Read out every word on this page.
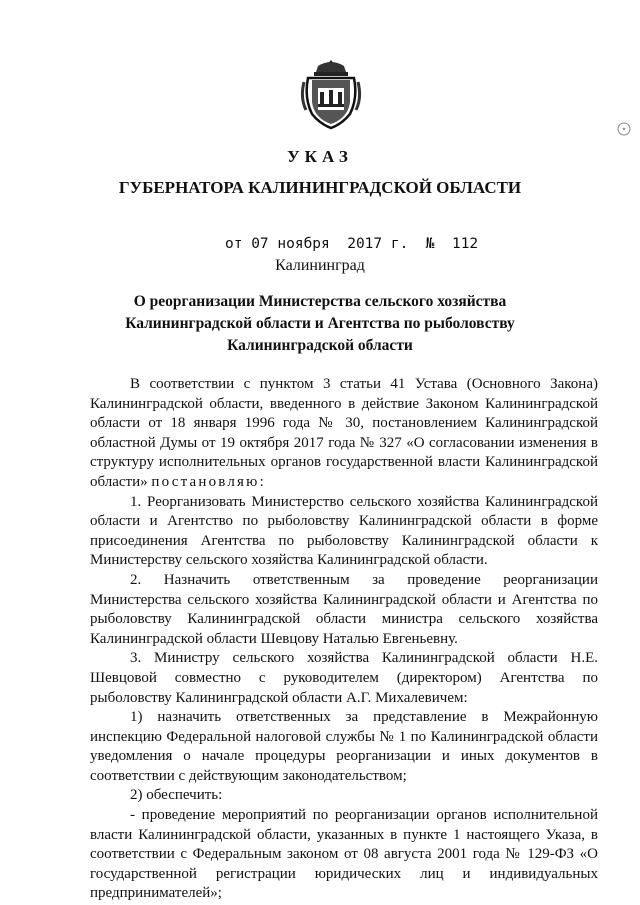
•
УКАЗ
ГУБЕРНАТОРА КАЛИНИНГРАДСКОЙ ОБЛАСТИ
от 07 ноября  2017 г.  №  112
Калининград
О реорганизации Министерства сельского хозяйства
Калининградской области и Агентства по рыболовству
Калининградской области

В соответствии с пунктом 3 статьи 41 Устава (Основного Закона) Калининградской области, введенного в действие Законом Калининградской области от 18 января 1996 года № 30, постановлением Калининградской областной Думы от 19 октября 2017 года № 327 «О согласовании изменения в структуру исполнительных органов государственной власти Калининградской области» постановляю:

1. Реорганизовать Министерство сельского хозяйства Калининградской области и Агентство по рыболовству Калининградской области в форме присоединения Агентства по рыболовству Калининградской области к Министерству сельского хозяйства Калининградской области.

2. Назначить ответственным за проведение реорганизации Министерства сельского хозяйства Калининградской области и Агентства по рыболовству Калининградской области министра сельского хозяйства Калининградской области Шевцову Наталью Евгеньевну.

3. Министру сельского хозяйства Калининградской области Н.Е. Шевцовой совместно с руководителем (директором) Агентства по рыболовству Калининградской области А.Г. Михалевичем:

1) назначить ответственных за представление в Межрайонную инспекцию Федеральной налоговой службы № 1 по Калининградской области уведомления о начале процедуры реорганизации и иных документов в соответствии с действующим законодательством;

2) обеспечить:

- проведение мероприятий по реорганизации органов исполнительной власти Калининградской области, указанных в пункте 1 настоящего Указа, в соответствии с Федеральным законом от 08 августа 2001 года № 129-ФЗ «О государственной регистрации юридических лиц и индивидуальных предпринимателей»;
